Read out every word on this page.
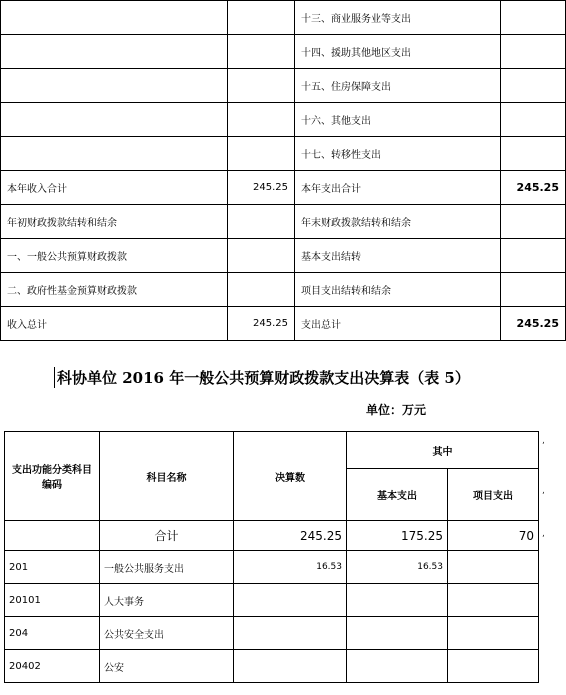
		十三、商业服务业等支出	
		十四、援助其他地区支出	
		十五、住房保障支出	
		十六、其他支出	
		十七、转移性支出	
本年收入合计	245.25	本年支出合计	245.25
年初财政拨款结转和结余		年末财政拨款结转和结余	
一、一般公共预算财政拨款		基本支出结转	
二、政府性基金预算财政拨款		项目支出结转和结余	
收入总计	245.25	支出总计	245.25
科协单位 2016 年一般公共预算财政拨款支出决算表（表 5）
单位：万元
支出功能分类科目编码	科目名称	决算数	其中	
			基本支出	项目支出
	合计	245.25	175.25	70
201	一般公共服务支出	16.53	16.53	
20101	人大事务			
204	公共安全支出			
20402	公安			
,
,
,
